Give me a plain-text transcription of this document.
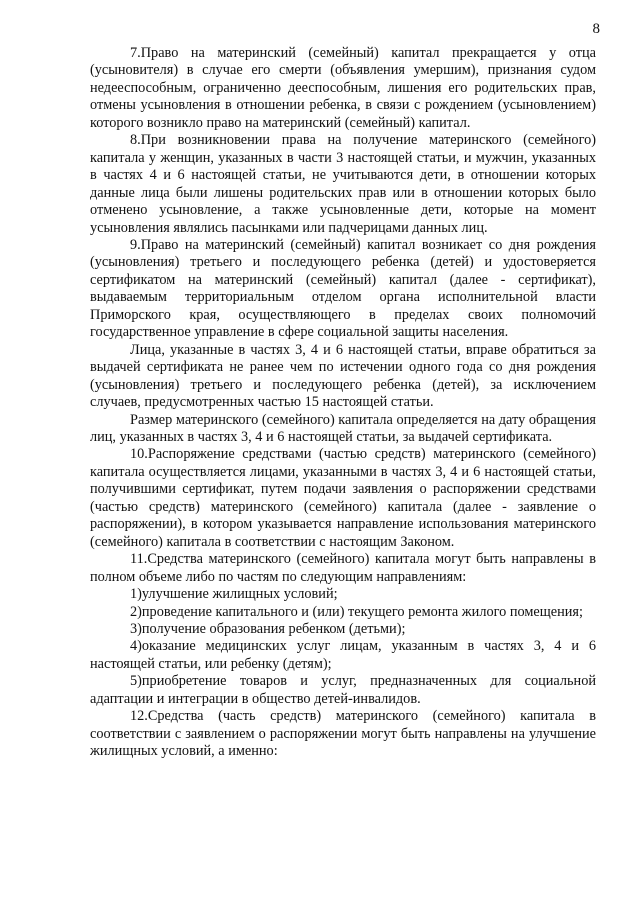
8

7.Право на материнский (семейный) капитал прекращается у отца (усыновителя) в случае его смерти (объявления умершим), признания судом недееспособным, ограниченно дееспособным, лишения его родительских прав, отмены усыновления в отношении ребенка, в связи с рождением (усыновлением) которого возникло право на материнский (семейный) капитал.

8.При возникновении права на получение материнского (семейного) капитала у женщин, указанных в части 3 настоящей статьи, и мужчин, указанных в частях 4 и 6 настоящей статьи, не учитываются дети, в отношении которых данные лица были лишены родительских прав или в отношении которых было отменено усыновление, а также усыновленные дети, которые на момент усыновления являлись пасынками или падчерицами данных лиц.

9.Право на материнский (семейный) капитал возникает со дня рождения (усыновления) третьего и последующего ребенка (детей) и удостоверяется сертификатом на материнский (семейный) капитал (далее - сертификат), выдаваемым территориальным отделом органа исполнительной власти Приморского края, осуществляющего в пределах своих полномочий государственное управление в сфере социальной защиты населения.

Лица, указанные в частях 3, 4 и 6 настоящей статьи, вправе обратиться за выдачей сертификата не ранее чем по истечении одного года со дня рождения (усыновления) третьего и последующего ребенка (детей), за исключением случаев, предусмотренных частью 15 настоящей статьи.

Размер материнского (семейного) капитала определяется на дату обращения лиц, указанных в частях 3, 4 и 6 настоящей статьи, за выдачей сертификата.

10.Распоряжение средствами (частью средств) материнского (семейного) капитала осуществляется лицами, указанными в частях 3, 4 и 6 настоящей статьи, получившими сертификат, путем подачи заявления о распоряжении средствами (частью средств) материнского (семейного) капитала (далее - заявление о распоряжении), в котором указывается направление использования материнского (семейного) капитала в соответствии с настоящим Законом.

11.Средства материнского (семейного) капитала могут быть направлены в полном объеме либо по частям по следующим направлениям:

1)улучшение жилищных условий;

2)проведение капитального и (или) текущего ремонта жилого помещения;

3)получение образования ребенком (детьми);

4)оказание медицинских услуг лицам, указанным в частях 3, 4 и 6 настоящей статьи, или ребенку (детям);

5)приобретение товаров и услуг, предназначенных для социальной адаптации и интеграции в общество детей-инвалидов.

12.Средства (часть средств) материнского (семейного) капитала в соответствии с заявлением о распоряжении могут быть направлены на улучшение жилищных условий, а именно:
